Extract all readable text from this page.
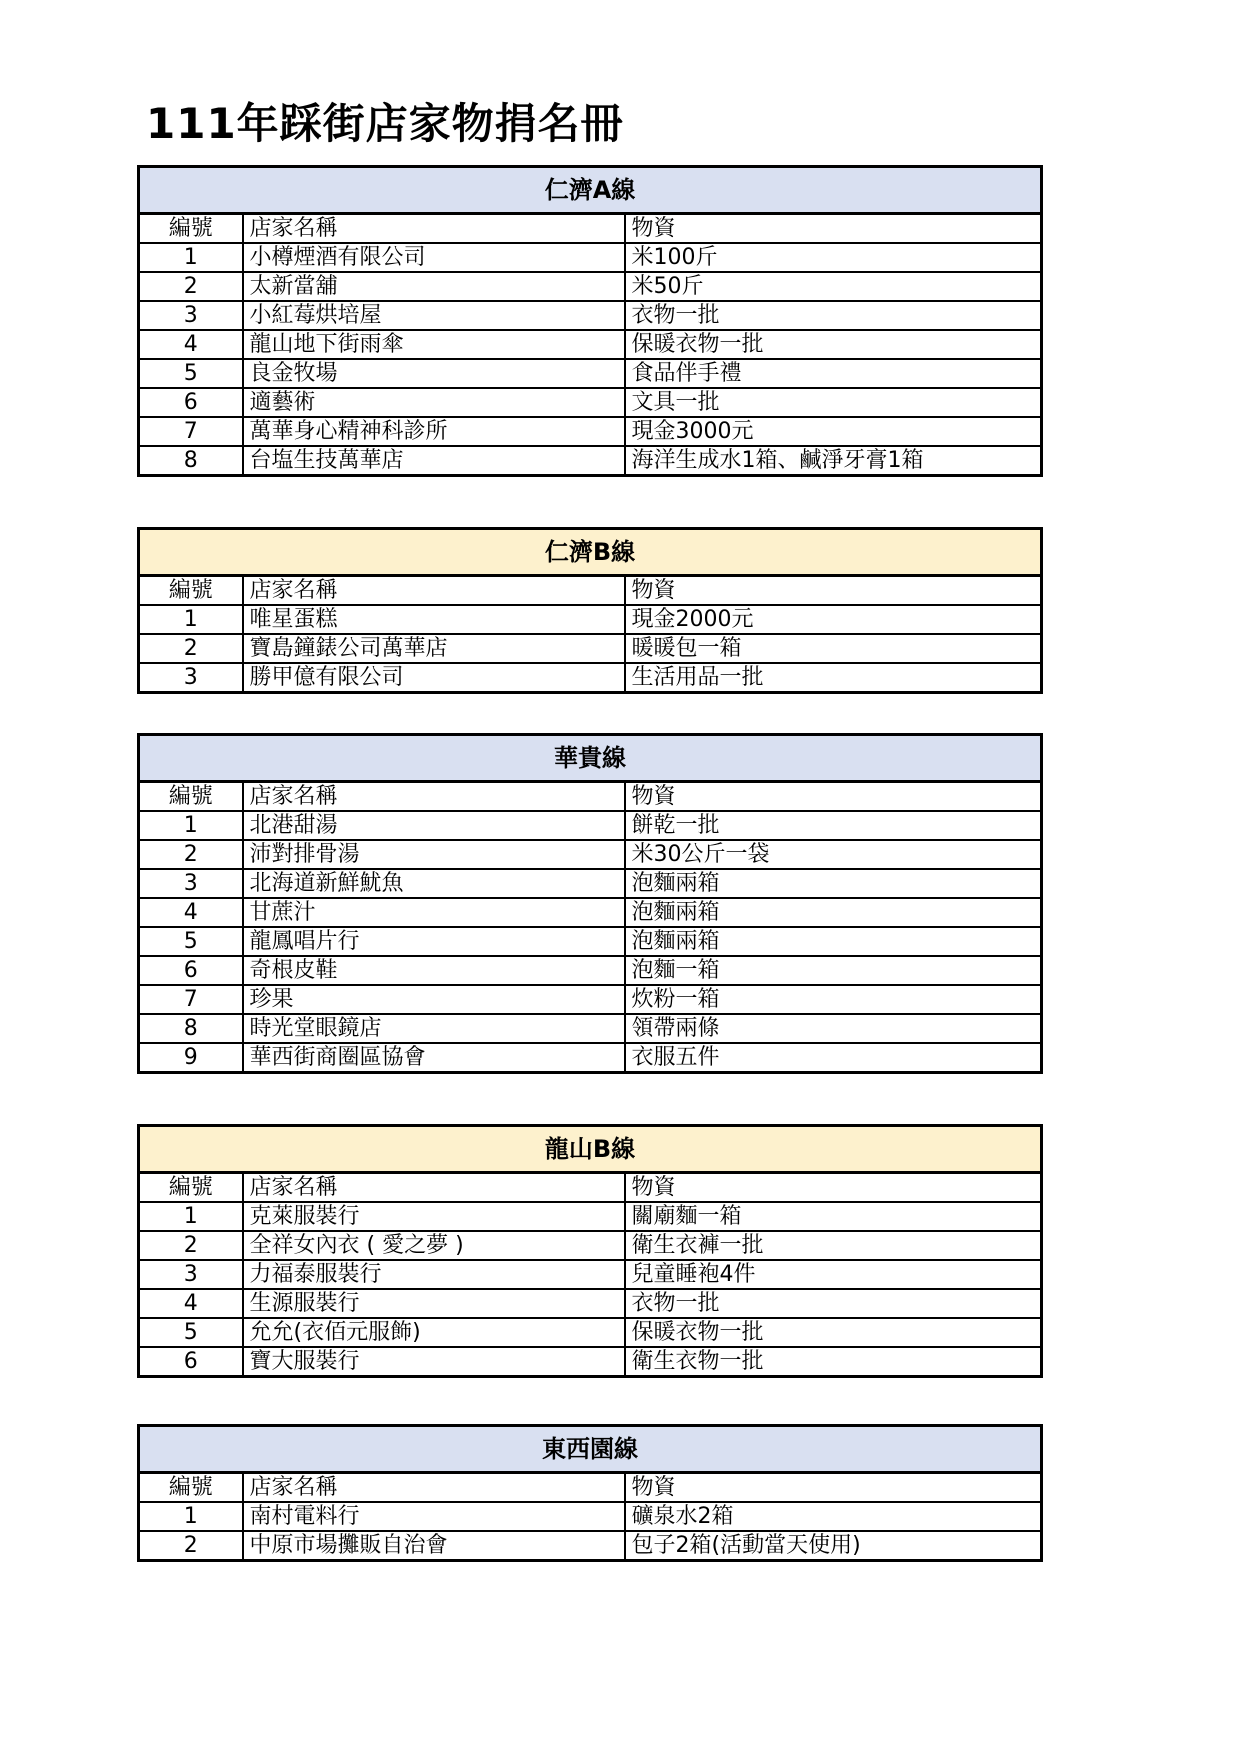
111年踩街店家物捐名冊
仁濟A線		
編號	店家名稱	物資
1	小樽煙酒有限公司	米100斤
2	太新當舖	米50斤
3	小紅莓烘培屋	衣物一批
4	龍山地下街雨傘	保暖衣物一批
5	良金牧場	食品伴手禮
6	適藝術	文具一批
7	萬華身心精神科診所	現金3000元
8	台塩生技萬華店	海洋生成水1箱、鹹淨牙膏1箱
仁濟B線		
編號	店家名稱	物資
1	唯星蛋糕	現金2000元
2	寶島鐘錶公司萬華店	暖暖包一箱
3	勝甲億有限公司	生活用品一批
華貴線		
編號	店家名稱	物資
1	北港甜湯	餅乾一批
2	沛對排骨湯	米30公斤一袋
3	北海道新鮮魷魚	泡麵兩箱
4	甘蔗汁	泡麵兩箱
5	龍鳳唱片行	泡麵兩箱
6	奇根皮鞋	泡麵一箱
7	珍果	炊粉一箱
8	時光堂眼鏡店	領帶兩條
9	華西街商圈區協會	衣服五件
龍山B線		
編號	店家名稱	物資
1	克萊服裝行	關廟麵一箱
2	全祥女內衣 ( 愛之夢 )	衛生衣褲一批
3	力福泰服裝行	兒童睡袍4件
4	生源服裝行	衣物一批
5	允允(衣佰元服飾)	保暖衣物一批
6	寶大服裝行	衛生衣物一批
東西園線		
編號	店家名稱	物資
1	南村電料行	礦泉水2箱
2	中原市場攤販自治會	包子2箱(活動當天使用)
